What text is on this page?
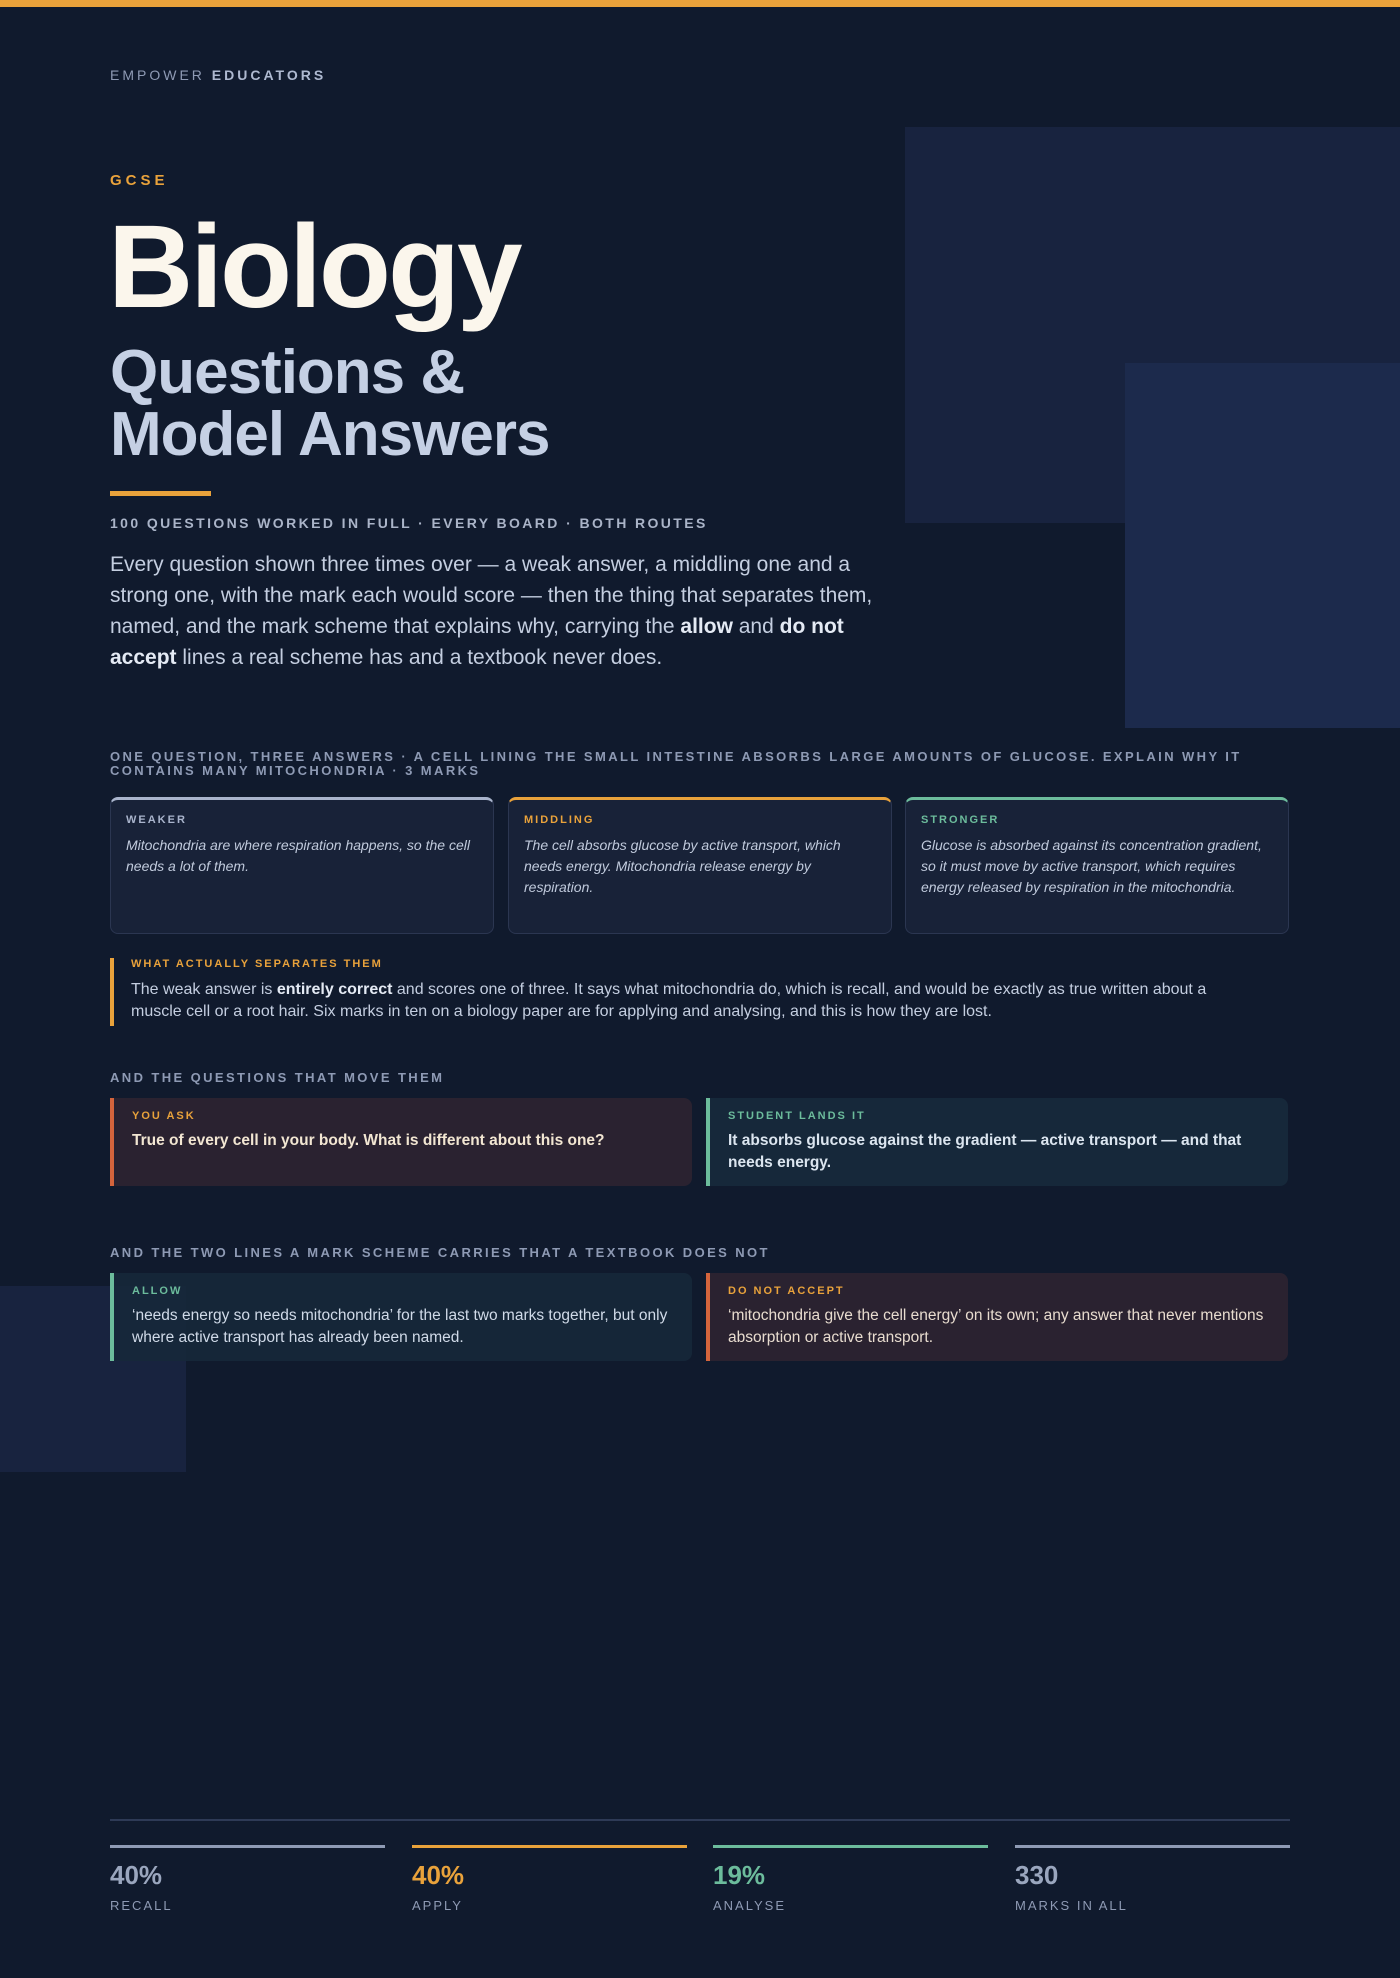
EMPOWER EDUCATORS
GCSE
Biology
Questions &
Model Answers
100 QUESTIONS WORKED IN FULL · EVERY BOARD · BOTH ROUTES

Every question shown three times over — a weak answer, a middling one and a strong one, with the mark each would score — then the thing that separates them, named, and the mark scheme that explains why, carrying the allow and do not accept lines a real scheme has and a textbook never does.

ONE QUESTION, THREE ANSWERS · A CELL LINING THE SMALL INTESTINE ABSORBS LARGE AMOUNTS OF GLUCOSE. EXPLAIN WHY IT CONTAINS MANY MITOCHONDRIA · 3 MARKS
WEAKER
Mitochondria are where respiration happens, so the cell needs a lot of them.
MIDDLING
The cell absorbs glucose by active transport, which needs energy. Mitochondria release energy by respiration.
STRONGER
Glucose is absorbed against its concentration gradient, so it must move by active transport, which requires energy released by respiration in the mitochondria.
WHAT ACTUALLY SEPARATES THEM
The weak answer is entirely correct and scores one of three. It says what mitochondria do, which is recall, and would be exactly as true written about a muscle cell or a root hair. Six marks in ten on a biology paper are for applying and analysing, and this is how they are lost.
AND THE QUESTIONS THAT MOVE THEM
YOU ASK
True of every cell in your body. What is different about this one?
STUDENT LANDS IT
It absorbs glucose against the gradient — active transport — and that needs energy.
AND THE TWO LINES A MARK SCHEME CARRIES THAT A TEXTBOOK DOES NOT
ALLOW
‘needs energy so needs mitochondria’ for the last two marks together, but only where active transport has already been named.
DO NOT ACCEPT
‘mitochondria give the cell energy’ on its own; any answer that never mentions absorption or active transport.
40%
RECALL
40%
APPLY
19%
ANALYSE
330
MARKS IN ALL
